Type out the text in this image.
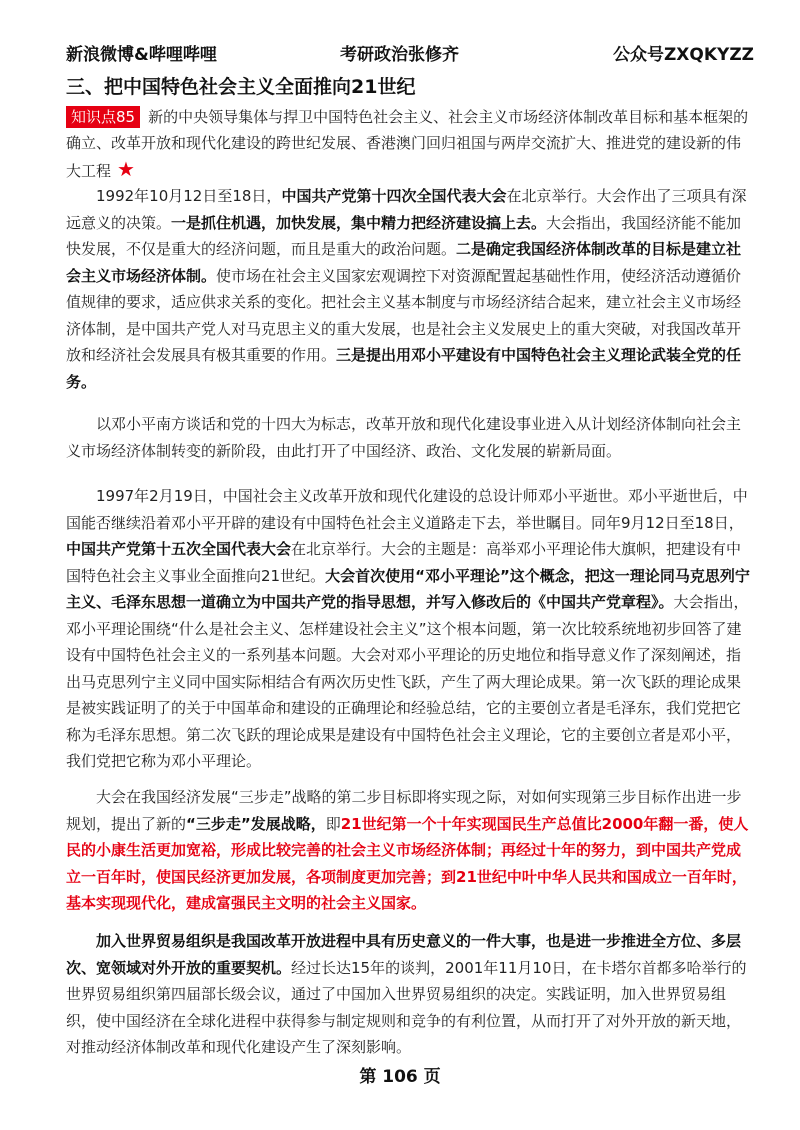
新浪微博&哔哩哔哩	考研政治张修齐	公众号ZXQKYZZ
三、把中国特色社会主义全面推向21世纪
知识点85 新的中央领导集体与捍卫中国特色社会主义、社会主义市场经济体制改革目标和基本框架的确立、改革开放和现代化建设的跨世纪发展、香港澳门回归祖国与两岸交流扩大、推进党的建设新的伟大工程 ★

1992年10月12日至18日，中国共产党第十四次全国代表大会在北京举行。大会作出了三项具有深远意义的决策。一是抓住机遇，加快发展，集中精力把经济建设搞上去。大会指出，我国经济能不能加快发展，不仅是重大的经济问题，而且是重大的政治问题。二是确定我国经济体制改革的目标是建立社会主义市场经济体制。使市场在社会主义国家宏观调控下对资源配置起基础性作用，使经济活动遵循价值规律的要求，适应供求关系的变化。把社会主义基本制度与市场经济结合起来，建立社会主义市场经济体制，是中国共产党人对马克思主义的重大发展，也是社会主义发展史上的重大突破，对我国改革开放和经济社会发展具有极其重要的作用。三是提出用邓小平建设有中国特色社会主义理论武装全党的任务。

以邓小平南方谈话和党的十四大为标志，改革开放和现代化建设事业进入从计划经济体制向社会主义市场经济体制转变的新阶段，由此打开了中国经济、政治、文化发展的崭新局面。

1997年2月19日，中国社会主义改革开放和现代化建设的总设计师邓小平逝世。邓小平逝世后，中国能否继续沿着邓小平开辟的建设有中国特色社会主义道路走下去，举世瞩目。同年9月12日至18日，中国共产党第十五次全国代表大会在北京举行。大会的主题是：高举邓小平理论伟大旗帜，把建设有中国特色社会主义事业全面推向21世纪。大会首次使用“邓小平理论”这个概念，把这一理论同马克思列宁主义、毛泽东思想一道确立为中国共产党的指导思想，并写入修改后的《中国共产党章程》。大会指出，邓小平理论围绕“什么是社会主义、怎样建设社会主义”这个根本问题，第一次比较系统地初步回答了建设有中国特色社会主义的一系列基本问题。大会对邓小平理论的历史地位和指导意义作了深刻阐述，指出马克思列宁主义同中国实际相结合有两次历史性飞跃，产生了两大理论成果。第一次飞跃的理论成果是被实践证明了的关于中国革命和建设的正确理论和经验总结，它的主要创立者是毛泽东，我们党把它称为毛泽东思想。第二次飞跃的理论成果是建设有中国特色社会主义理论，它的主要创立者是邓小平，我们党把它称为邓小平理论。

大会在我国经济发展“三步走”战略的第二步目标即将实现之际，对如何实现第三步目标作出进一步规划，提出了新的“三步走”发展战略，即21世纪第一个十年实现国民生产总值比2000年翻一番，使人民的小康生活更加宽裕，形成比较完善的社会主义市场经济体制；再经过十年的努力，到中国共产党成立一百年时，使国民经济更加发展，各项制度更加完善；到21世纪中叶中华人民共和国成立一百年时，基本实现现代化，建成富强民主文明的社会主义国家。

加入世界贸易组织是我国改革开放进程中具有历史意义的一件大事，也是进一步推进全方位、多层次、宽领域对外开放的重要契机。经过长达15年的谈判，2001年11月10日，在卡塔尔首都多哈举行的世界贸易组织第四届部长级会议，通过了中国加入世界贸易组织的决定。实践证明，加入世界贸易组织，使中国经济在全球化进程中获得参与制定规则和竞争的有利位置，从而打开了对外开放的新天地，对推动经济体制改革和现代化建设产生了深刻影响。

第 106 页
